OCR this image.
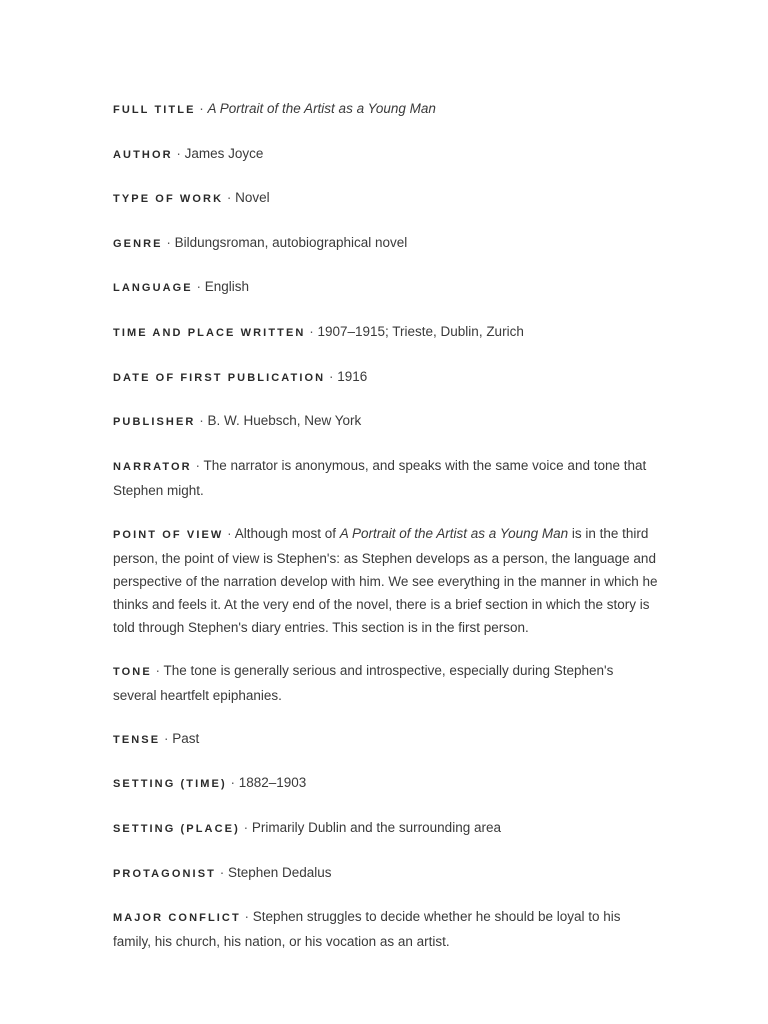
FULL TITLE · A Portrait of the Artist as a Young Man

AUTHOR · James Joyce

TYPE OF WORK · Novel

GENRE · Bildungsroman, autobiographical novel

LANGUAGE · English

TIME AND PLACE WRITTEN · 1907–1915; Trieste, Dublin, Zurich

DATE OF FIRST PUBLICATION · 1916

PUBLISHER · B. W. Huebsch, New York

NARRATOR · The narrator is anonymous, and speaks with the same voice and tone that Stephen might.

POINT OF VIEW · Although most of A Portrait of the Artist as a Young Man is in the third person, the point of view is Stephen's: as Stephen develops as a person, the language and perspective of the narration develop with him. We see everything in the manner in which he thinks and feels it. At the very end of the novel, there is a brief section in which the story is told through Stephen's diary entries. This section is in the first person.

TONE · The tone is generally serious and introspective, especially during Stephen's several heartfelt epiphanies.

TENSE · Past

SETTING (TIME) · 1882–1903

SETTING (PLACE) · Primarily Dublin and the surrounding area

PROTAGONIST · Stephen Dedalus

MAJOR CONFLICT · Stephen struggles to decide whether he should be loyal to his family, his church, his nation, or his vocation as an artist.
